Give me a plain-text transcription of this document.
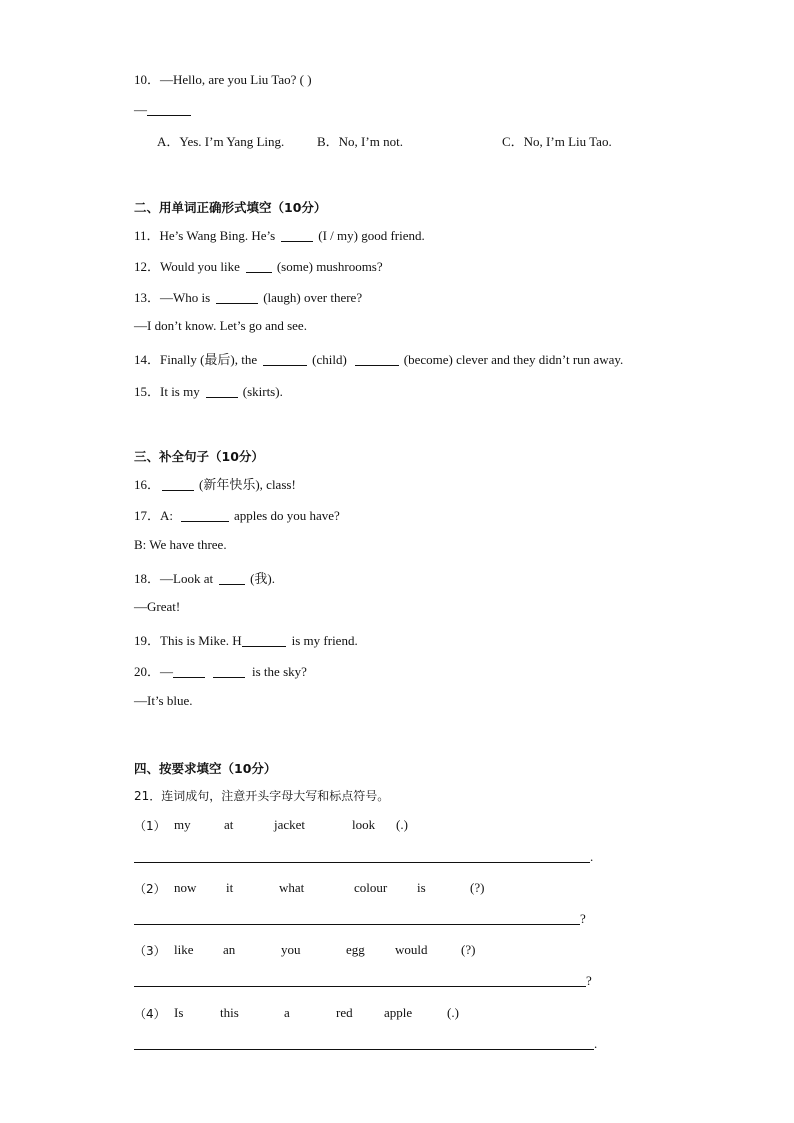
10．—Hello, are you Liu Tao? ( )
—
A．Yes. I’m Yang Ling.	B．No, I’m not.	C．No, I’m Liu Tao.
二、用单词正确形式填空（10分）
11．He’s Wang Bing. He’s	(I / my) good friend.
12．Would you like	(some) mushrooms?
13．—Who is	(laugh) over there?
—I don’t know. Let’s go and see.
14．Finally (最后), the	(child)	(become) clever and they didn’t run away.
15．It is my	(skirts).
三、补全句子（10分）
16．	(新年快乐), class!
17．A:	apples do you have?
B: We have three.
18．—Look at	(我).
—Great!
19．This is Mike. H	is my friend.
20．—	is the sky?
—It’s blue.
四、按要求填空（10分）
21．连词成句，注意开头字母大写和标点符号。
（1） my	at	jacket	look (.)
.
（2） now it	what	colour is	(?)
?
（3） like an	you	egg would	(?)
?
（4） Is	this	a	red apple	(.)
.
